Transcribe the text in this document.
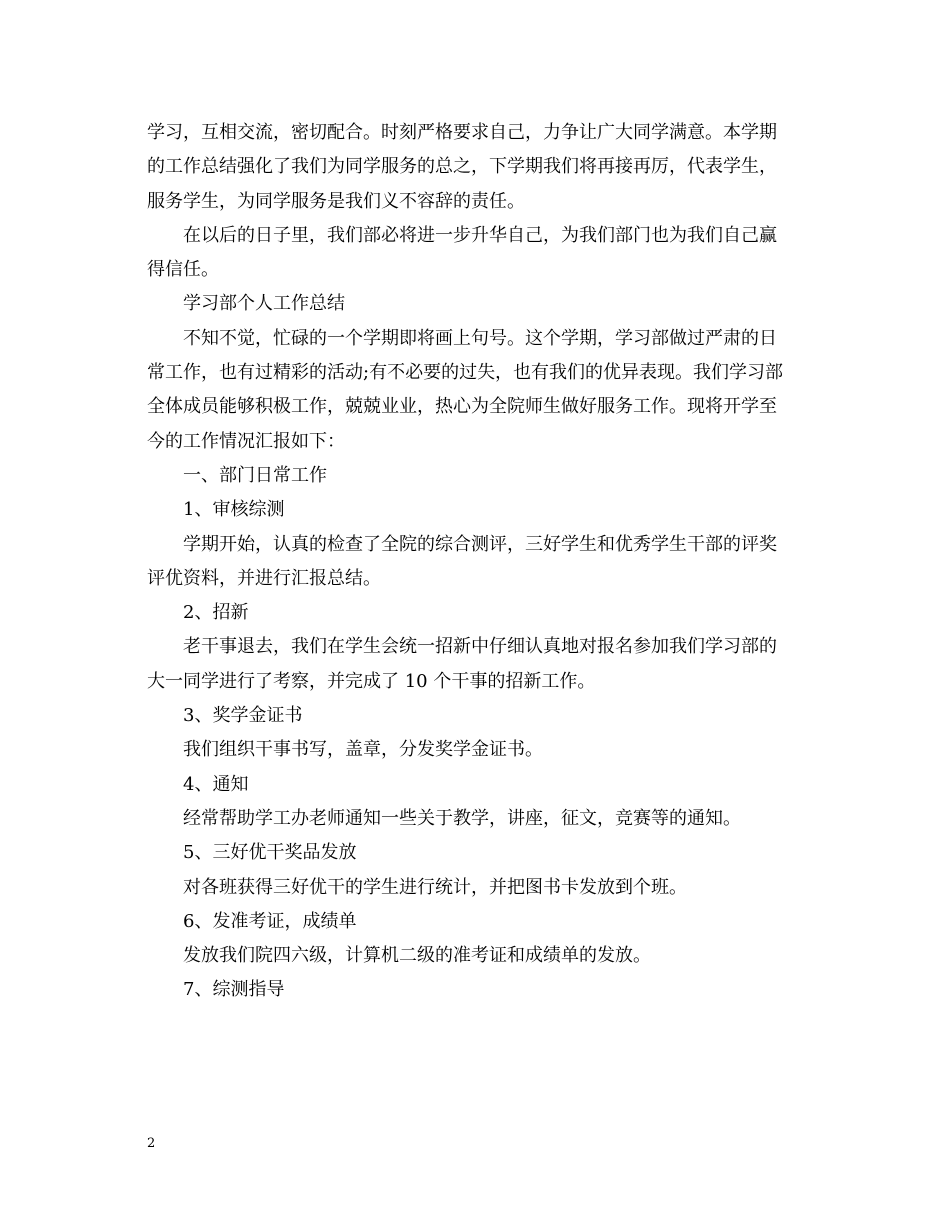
学习，互相交流，密切配合。时刻严格要求自己，力争让广大同学满意。本学期
的工作总结强化了我们为同学服务的总之，下学期我们将再接再厉，代表学生，
服务学生，为同学服务是我们义不容辞的责任。
在以后的日子里，我们部必将进一步升华自己，为我们部门也为我们自己赢
得信任。
学习部个人工作总结
不知不觉，忙碌的一个学期即将画上句号。这个学期，学习部做过严肃的日
常工作，也有过精彩的活动;有不必要的过失，也有我们的优异表现。我们学习部
全体成员能够积极工作，兢兢业业，热心为全院师生做好服务工作。现将开学至
今的工作情况汇报如下：
一、部门日常工作
1、审核综测
学期开始，认真的检查了全院的综合测评，三好学生和优秀学生干部的评奖
评优资料，并进行汇报总结。
2、招新
老干事退去，我们在学生会统一招新中仔细认真地对报名参加我们学习部的
大一同学进行了考察，并完成了 10 个干事的招新工作。
3、奖学金证书
我们组织干事书写，盖章，分发奖学金证书。
4、通知
经常帮助学工办老师通知一些关于教学，讲座，征文，竞赛等的通知。
5、三好优干奖品发放
对各班获得三好优干的学生进行统计，并把图书卡发放到个班。
6、发准考证，成绩单
发放我们院四六级，计算机二级的准考证和成绩单的发放。
7、综测指导
2
